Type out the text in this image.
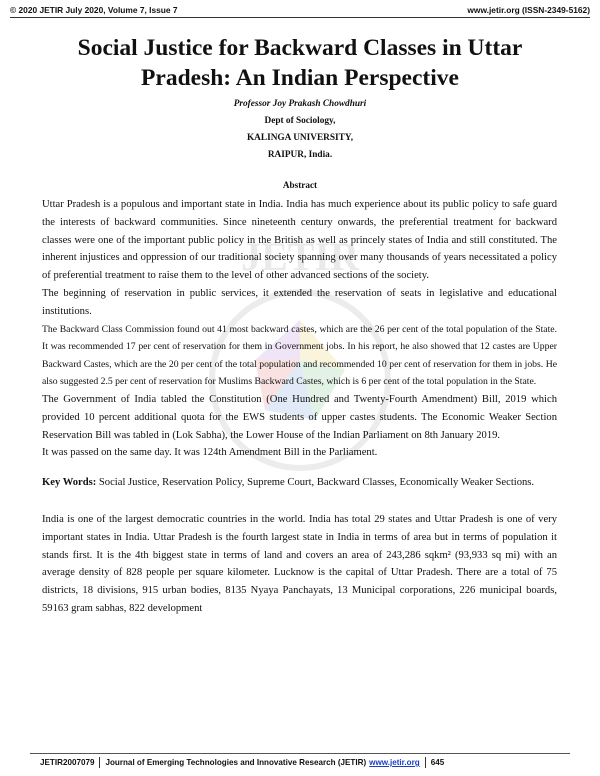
© 2020 JETIR July 2020, Volume 7, Issue 7	www.jetir.org (ISSN-2349-5162)
Social Justice for Backward Classes in Uttar Pradesh: An Indian Perspective
Professor Joy Prakash Chowdhuri
Dept of Sociology,
KALINGA UNIVERSITY,
RAIPUR, India.
Abstract
JETIR

Uttar Pradesh is a populous and important state in India. India has much experience about its public policy to safe guard the interests of backward communities. Since nineteenth century onwards, the preferential treatment for backward classes were one of the important public policy in the British as well as princely states of India and still constituted. The inherent injustices and oppression of our traditional society spanning over many thousands of years necessitated a policy of preferential treatment to raise them to the level of other advanced sections of the society.

The beginning of reservation in public services, it extended the reservation of seats in legislative and educational institutions.

The Backward Class Commission found out 41 most backward castes, which are the 26 per cent of the total population of the State. It was recommended 17 per cent of reservation for them in Government jobs. In his report, he also showed that 12 castes are Upper Backward Castes, which are the 20 per cent of the total population and recommended 10 per cent of reservation for them in jobs. He also suggested 2.5 per cent of reservation for Muslims Backward Castes, which is 6 per cent of the total population in the State.

The Government of India tabled the Constitution (One Hundred and Twenty-Fourth Amendment) Bill, 2019 which provided 10 percent additional quota for the EWS students of upper castes students. The Economic Weaker Section Reservation Bill was tabled in (Lok Sabha), the Lower House of the Indian Parliament on 8th January 2019.

It was passed on the same day. It was 124th Amendment Bill in the Parliament.

Key Words: Social Justice, Reservation Policy, Supreme Court, Backward Classes, Economically Weaker Sections.

India is one of the largest democratic countries in the world. India has total 29 states and Uttar Pradesh is one of very important states in India. Uttar Pradesh is the fourth largest state in India in terms of area but in terms of population it stands first. It is the 4th biggest state in terms of land and covers an area of 243,286 sqkm² (93,933 sq mi) with an average density of 828 people per square kilometer. Lucknow is the capital of Uttar Pradesh. There are a total of 75 districts, 18 divisions, 915 urban bodies, 8135 Nyaya Panchayats, 13 Municipal corporations, 226 municipal boards, 59163 gram sabhas, 822 development

JETIR2007079 Journal of Emerging Technologies and Innovative Research (JETIR) www.jetir.org 645
